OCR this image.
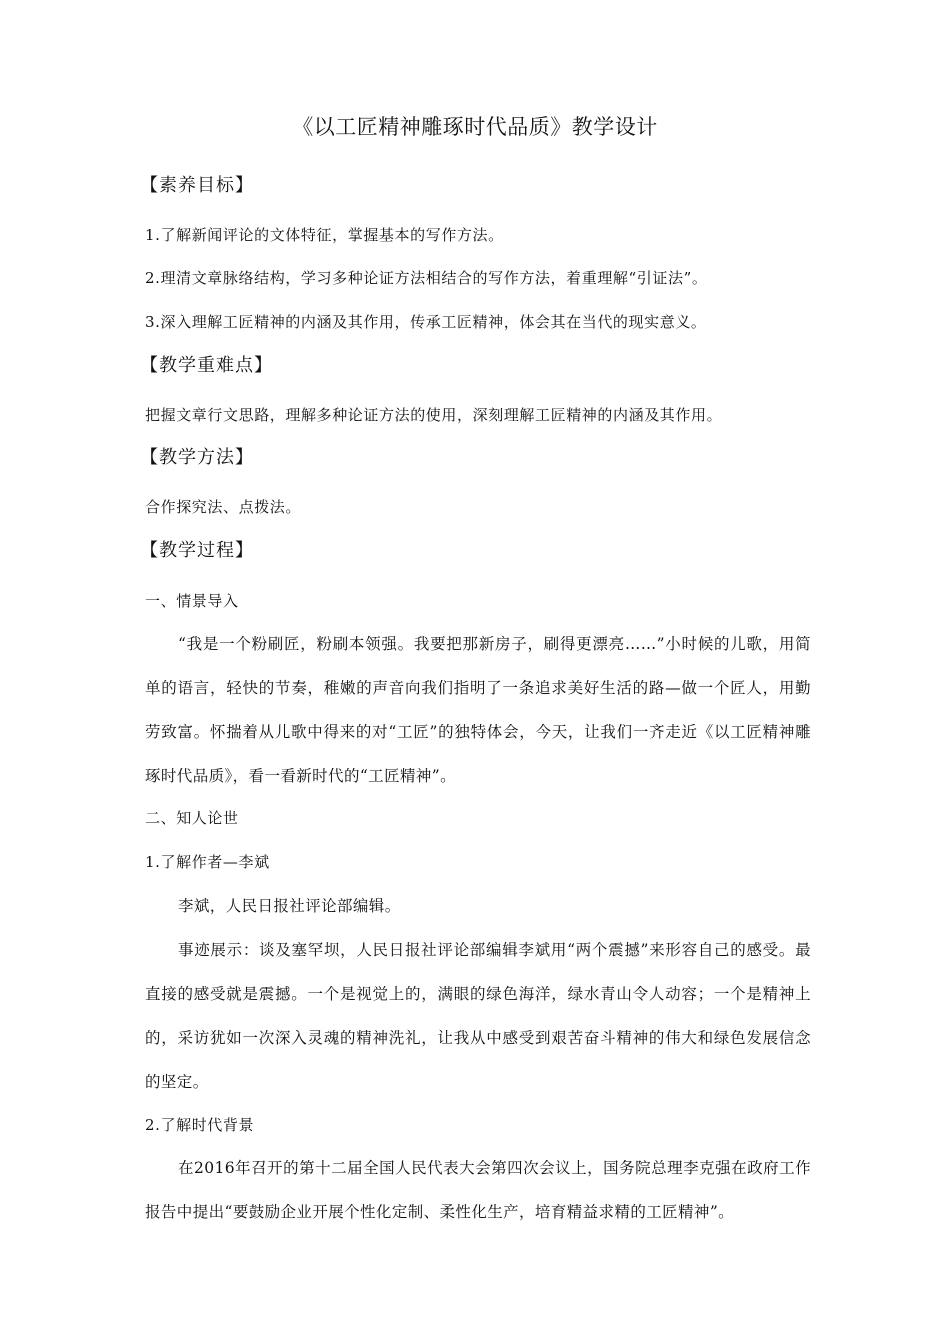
《以工匠精神雕琢时代品质》教学设计
【素养目标】
1.了解新闻评论的文体特征，掌握基本的写作方法。
2.理清文章脉络结构，学习多种论证方法相结合的写作方法，着重理解“引证法”。
3.深入理解工匠精神的内涵及其作用，传承工匠精神，体会其在当代的现实意义。
【教学重难点】
把握文章行文思路，理解多种论证方法的使用，深刻理解工匠精神的内涵及其作用。
【教学方法】
合作探究法、点拨法。
【教学过程】
一、情景导入
“我是一个粉刷匠，粉刷本领强。我要把那新房子，刷得更漂亮……”小时候的儿歌，用简单的语言，轻快的节奏，稚嫩的声音向我们指明了一条追求美好生活的路—做一个匠人，用勤劳致富。怀揣着从儿歌中得来的对“工匠”的独特体会，今天，让我们一齐走近《以工匠精神雕琢时代品质》，看一看新时代的“工匠精神”。
二、知人论世
1.了解作者—李斌
李斌，人民日报社评论部编辑。
事迹展示：谈及塞罕坝，人民日报社评论部编辑李斌用“两个震撼”来形容自己的感受。最直接的感受就是震撼。一个是视觉上的，满眼的绿色海洋，绿水青山令人动容；一个是精神上的，采访犹如一次深入灵魂的精神洗礼，让我从中感受到艰苦奋斗精神的伟大和绿色发展信念的坚定。
2.了解时代背景
在2016年召开的第十二届全国人民代表大会第四次会议上，国务院总理李克强在政府工作报告中提出“要鼓励企业开展个性化定制、柔性化生产，培育精益求精的工匠精神”。
